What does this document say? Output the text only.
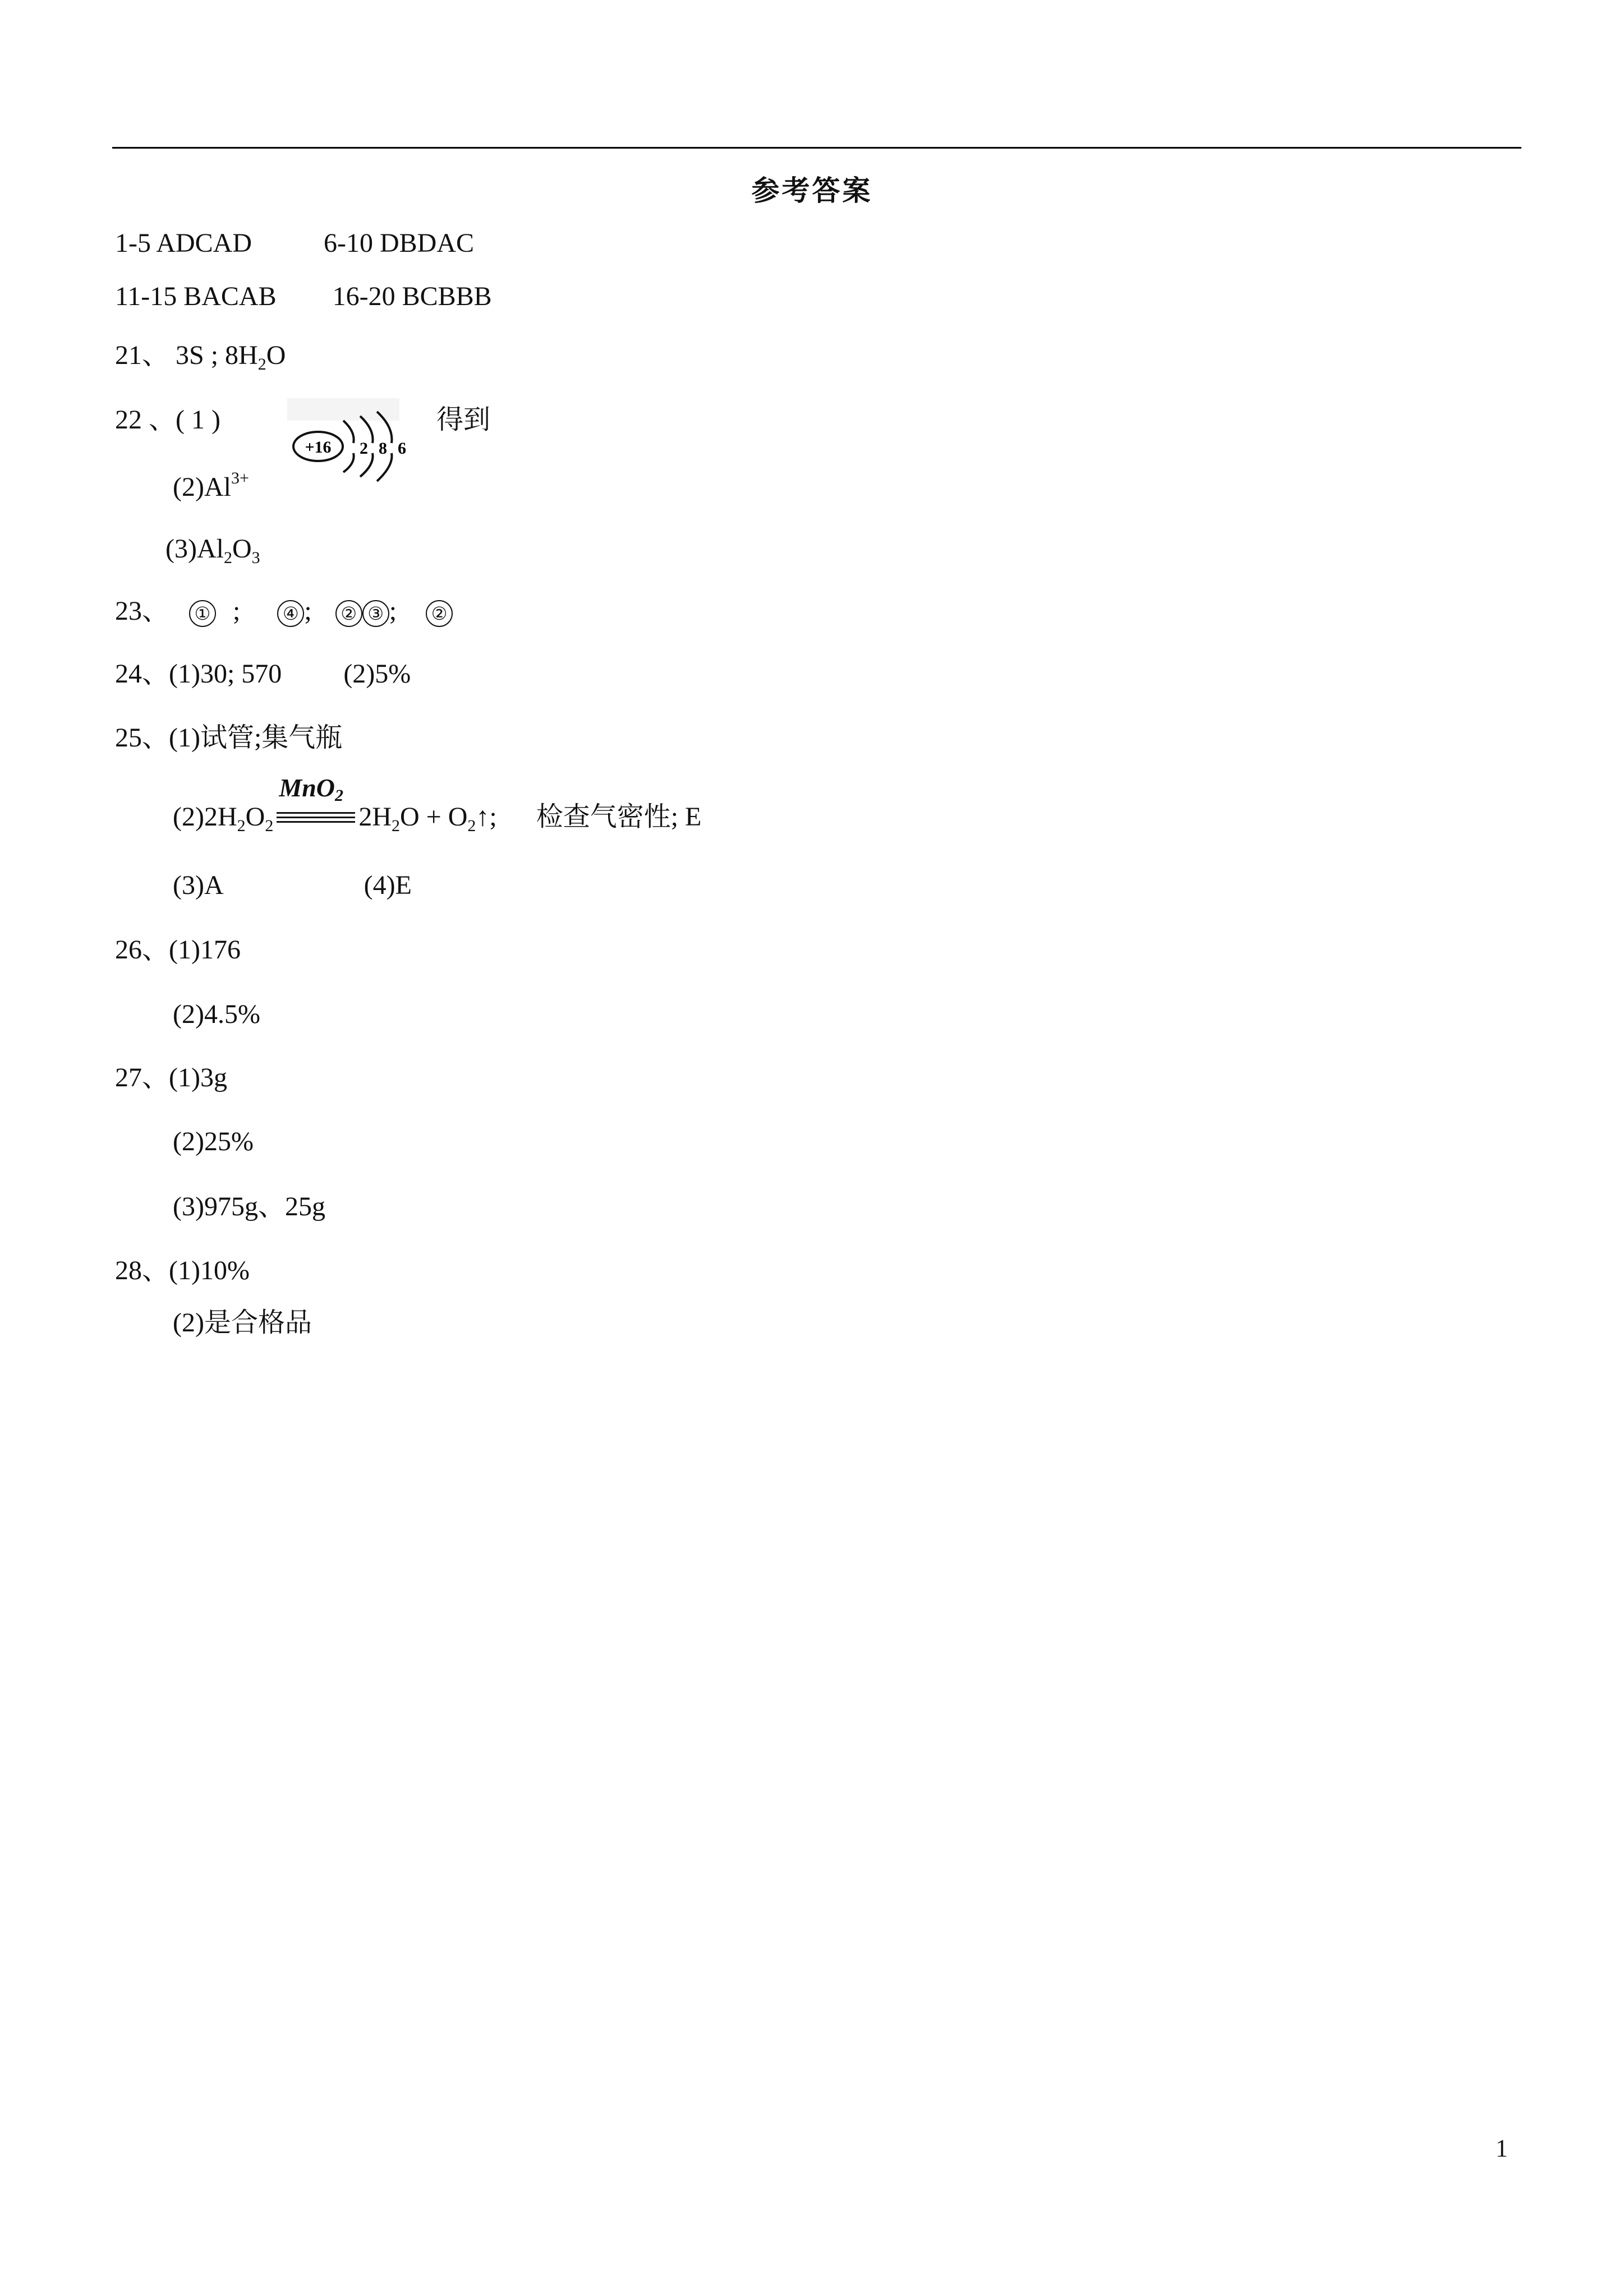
参考答案
1-5 ADCAD	6-10 DBDAC
11-15 BACAB 16-20 BCBBB
21、 3S ; $8H_2O$
22 、( 1 )
+16 2 8 6
得到
$(2)Al^{3+}$
$(3)Al_2O_3$
23、 ① ; ④ ; ② ③ ; ②
24、(1)30; 570 (2)5%
25、(1)试管;集气瓶
$(2)2H_2O_2$
MnO$_2$
$2H_2O$ + $O_2↑$; 检查气密性; E
(3)A	(4)E
26、(1)176
(2)4.5%
27、(1)3g
(2)25%
(3)975g、25g
28、(1)10%
(2)是合格品
1
